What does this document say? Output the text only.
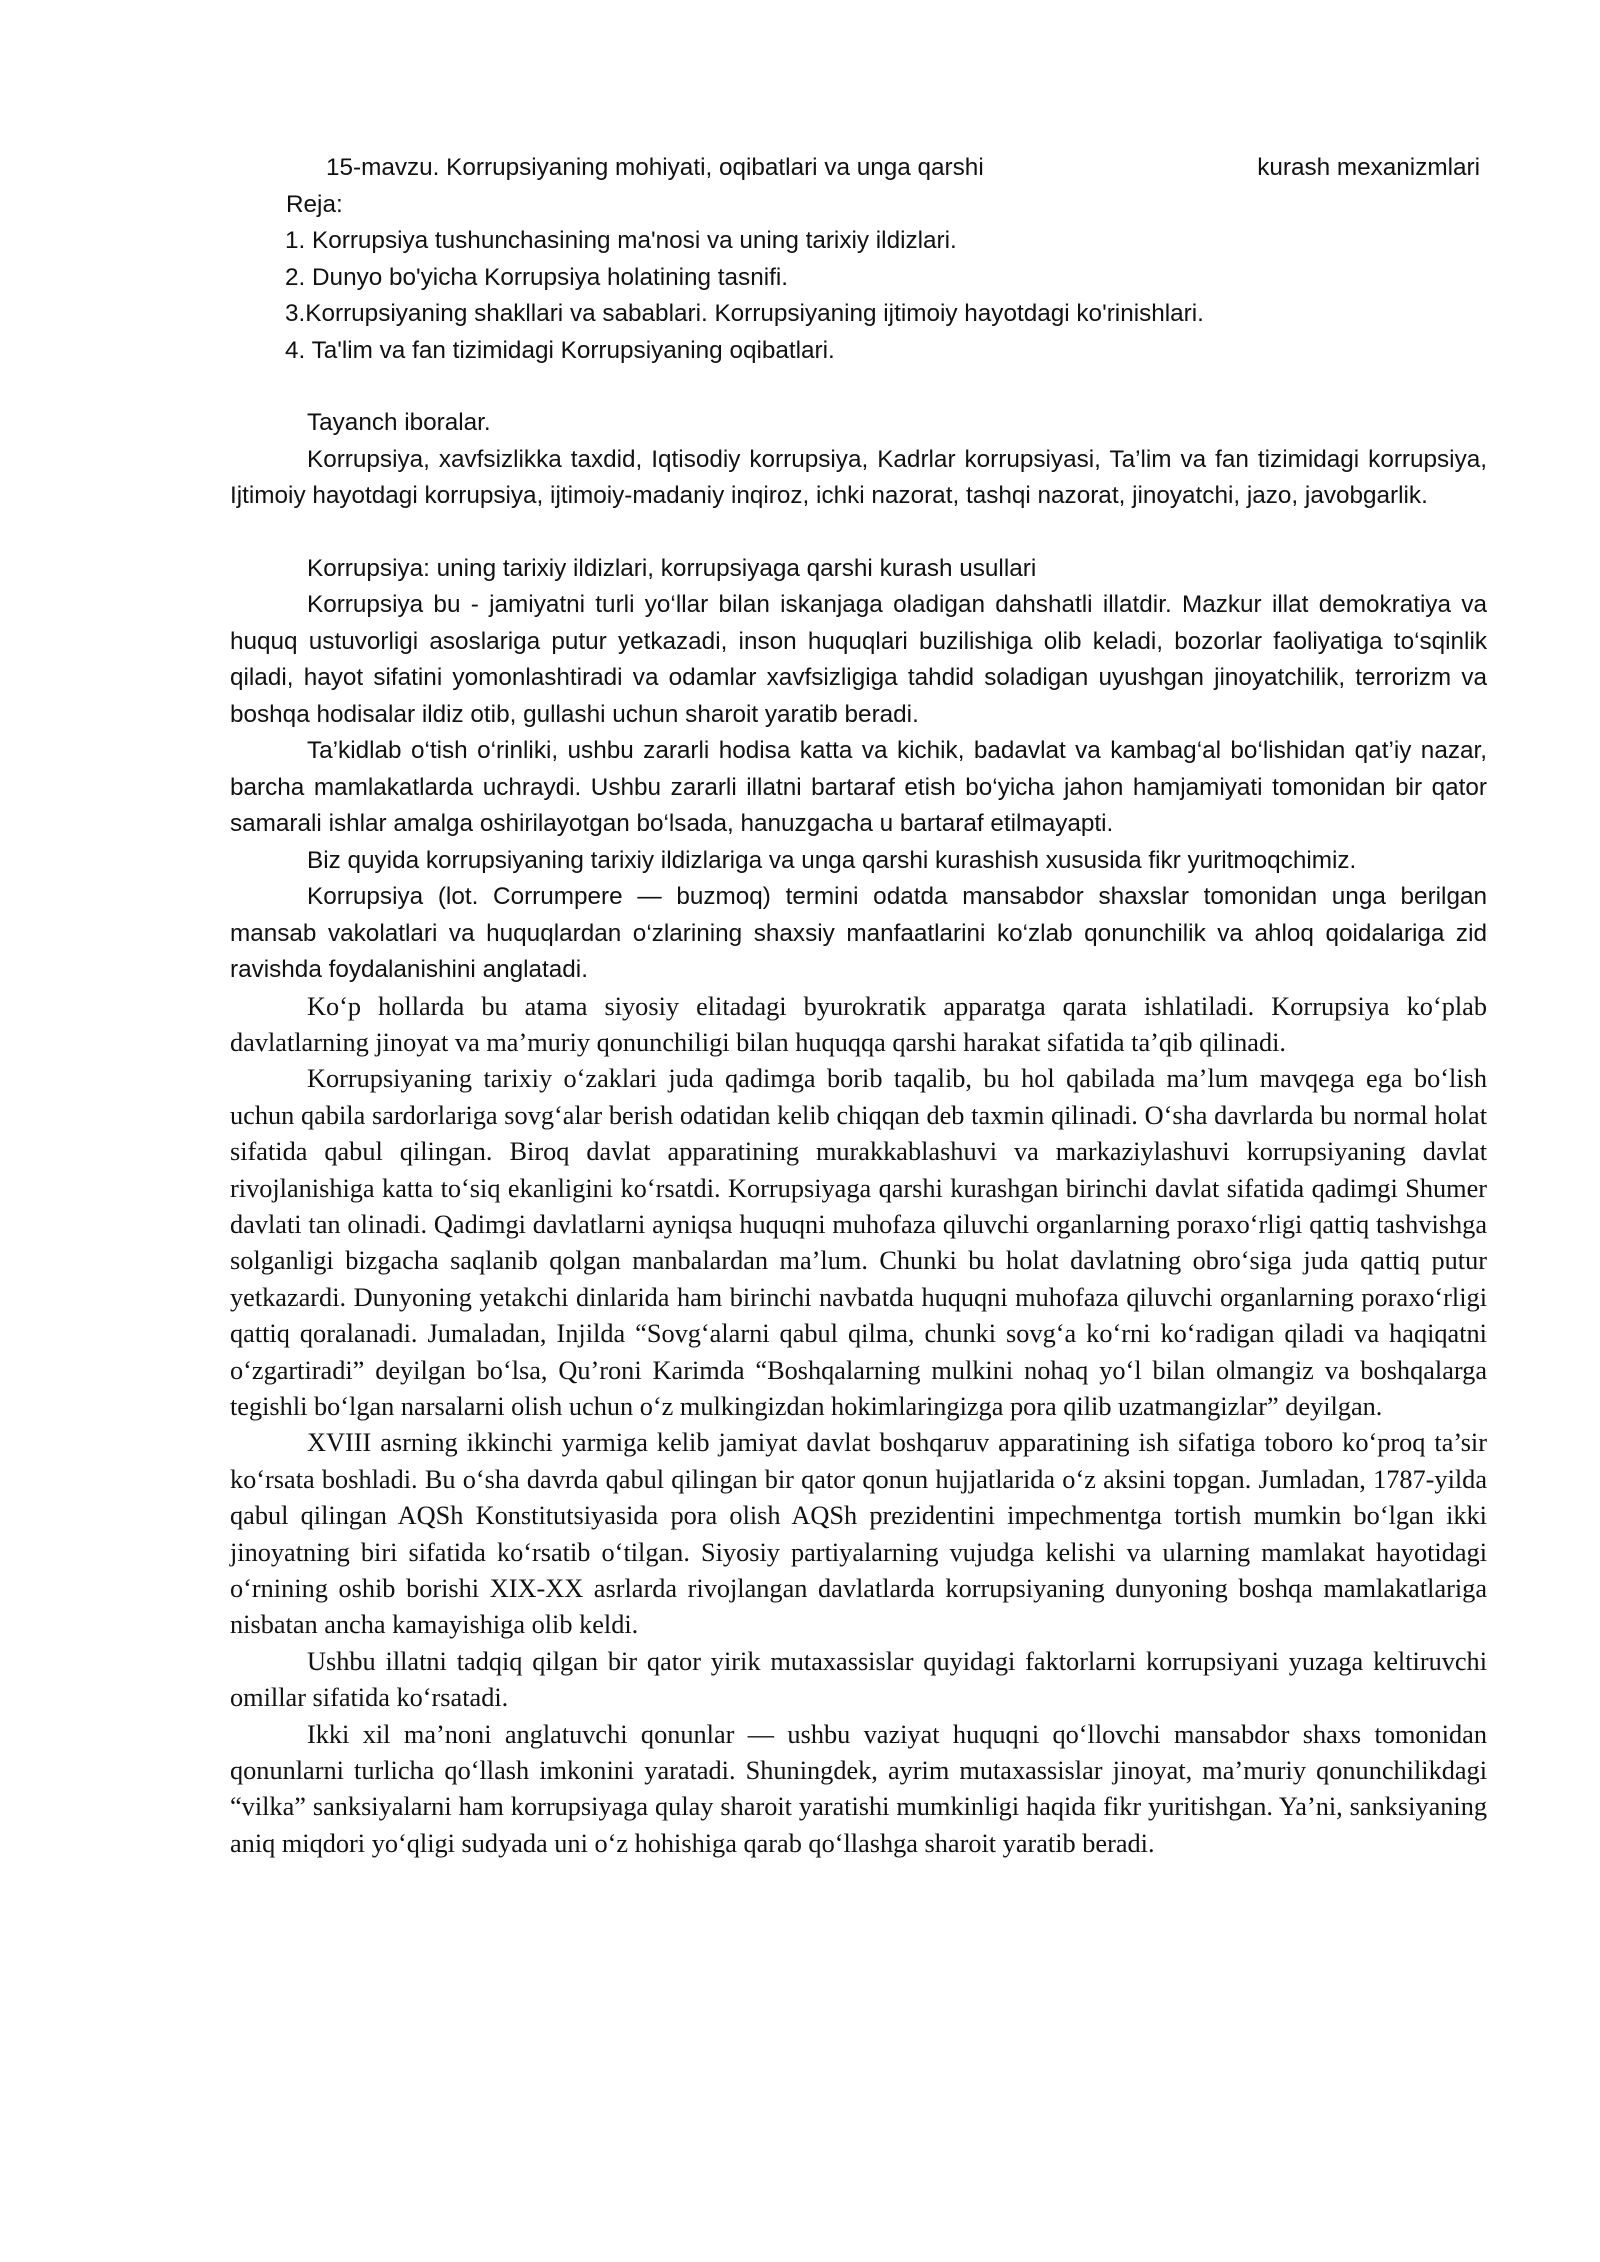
15-mavzu. Korrupsiyaning mohiyati, oqibatlari va unga qarshi	kurash mexanizmlari
Reja:
1. Korrupsiya tushunchasining ma'nosi va uning tarixiy ildizlari.
2. Dunyo bo'yicha Korrupsiya holatining tasnifi.
3.Korrupsiyaning shakllari va sabablari. Korrupsiyaning ijtimoiy hayotdagi ko'rinishlari.
4. Ta'lim va fan tizimidagi Korrupsiyaning oqibatlari.

Tayanch iboralar.

Korrupsiya, xavfsizlikka taxdid, Iqtisodiy korrupsiya, Kadrlar korrupsiyasi, Ta’lim va fan tizimidagi korrupsiya, Ijtimoiy hayotdagi korrupsiya, ijtimoiy-madaniy inqiroz, ichki nazorat, tashqi nazorat, jinoyatchi, jazo, javobgarlik.

Korrupsiya: uning tarixiy ildizlari, korrupsiyaga qarshi kurash usullari

Korrupsiya bu - jamiyatni turli yo‘llar bilan iskanjaga oladigan dahshatli illatdir. Mazkur illat demokratiya va huquq ustuvorligi asoslariga putur yetkazadi, inson huquqlari buzilishiga olib keladi, bozorlar faoliyatiga to‘sqinlik qiladi, hayot sifatini yomonlashtiradi va odamlar xavfsizligiga tahdid soladigan uyushgan jinoyatchilik, terrorizm va boshqa hodisalar ildiz otib, gullashi uchun sharoit yaratib beradi.

Ta’kidlab o‘tish o‘rinliki, ushbu zararli hodisa katta va kichik, badavlat va kambag‘al bo‘lishidan qat’iy nazar, barcha mamlakatlarda uchraydi. Ushbu zararli illatni bartaraf etish bo‘yicha jahon hamjamiyati tomonidan bir qator samarali ishlar amalga oshirilayotgan bo‘lsada, hanuzgacha u bartaraf etilmayapti.

Biz quyida korrupsiyaning tarixiy ildizlariga va unga qarshi kurashish xususida fikr yuritmoqchimiz.

Korrupsiya (lot. Corrumpere — buzmoq) termini odatda mansabdor shaxslar tomonidan unga berilgan mansab vakolatlari va huquqlardan o‘zlarining shaxsiy manfaatlarini ko‘zlab qonunchilik va ahloq qoidalariga zid ravishda foydalanishini anglatadi.

Ko‘p hollarda bu atama siyosiy elitadagi byurokratik apparatga qarata ishlatiladi. Korrupsiya ko‘plab davlatlarning jinoyat va ma’muriy qonunchiligi bilan huquqqa qarshi harakat sifatida ta’qib qilinadi.

Korrupsiyaning tarixiy o‘zaklari juda qadimga borib taqalib, bu hol qabilada ma’lum mavqega ega bo‘lish uchun qabila sardorlariga sovg‘alar berish odatidan kelib chiqqan deb taxmin qilinadi. O‘sha davrlarda bu normal holat sifatida qabul qilingan. Biroq davlat apparatining murakkablashuvi va markaziylashuvi korrupsiyaning davlat rivojlanishiga katta to‘siq ekanligini ko‘rsatdi. Korrupsiyaga qarshi kurashgan birinchi davlat sifatida qadimgi Shumer davlati tan olinadi. Qadimgi davlatlarni ayniqsa huquqni muhofaza qiluvchi organlarning poraxo‘rligi qattiq tashvishga solganligi bizgacha saqlanib qolgan manbalardan ma’lum. Chunki bu holat davlatning obro‘siga juda qattiq putur yetkazardi. Dunyoning yetakchi dinlarida ham birinchi navbatda huquqni muhofaza qiluvchi organlarning poraxo‘rligi qattiq qoralanadi. Jumaladan, Injilda “Sovg‘alarni qabul qilma, chunki sovg‘a ko‘rni ko‘radigan qiladi va haqiqatni o‘zgartiradi” deyilgan bo‘lsa, Qu’roni Karimda “Boshqalarning mulkini nohaq yo‘l bilan olmangiz va boshqalarga tegishli bo‘lgan narsalarni olish uchun o‘z mulkingizdan hokimlaringizga pora qilib uzatmangizlar” deyilgan.

XVIII asrning ikkinchi yarmiga kelib jamiyat davlat boshqaruv apparatining ish sifatiga toboro ko‘proq ta’sir ko‘rsata boshladi. Bu o‘sha davrda qabul qilingan bir qator qonun hujjatlarida o‘z aksini topgan. Jumladan, 1787-yilda qabul qilingan AQSh Konstitutsiyasida pora olish AQSh prezidentini impechmentga tortish mumkin bo‘lgan ikki jinoyatning biri sifatida ko‘rsatib o‘tilgan. Siyosiy partiyalarning vujudga kelishi va ularning mamlakat hayotidagi o‘rnining oshib borishi XIX-XX asrlarda rivojlangan davlatlarda korrupsiyaning dunyoning boshqa mamlakatlariga nisbatan ancha kamayishiga olib keldi.

Ushbu illatni tadqiq qilgan bir qator yirik mutaxassislar quyidagi faktorlarni korrupsiyani yuzaga keltiruvchi omillar sifatida ko‘rsatadi.

Ikki xil ma’noni anglatuvchi qonunlar — ushbu vaziyat huquqni qo‘llovchi mansabdor shaxs tomonidan qonunlarni turlicha qo‘llash imkonini yaratadi. Shuningdek, ayrim mutaxassislar jinoyat, ma’muriy qonunchilikdagi “vilka” sanksiyalarni ham korrupsiyaga qulay sharoit yaratishi mumkinligi haqida fikr yuritishgan. Ya’ni, sanksiyaning aniq miqdori yo‘qligi sudyada uni o‘z hohishiga qarab qo‘llashga sharoit yaratib beradi.
